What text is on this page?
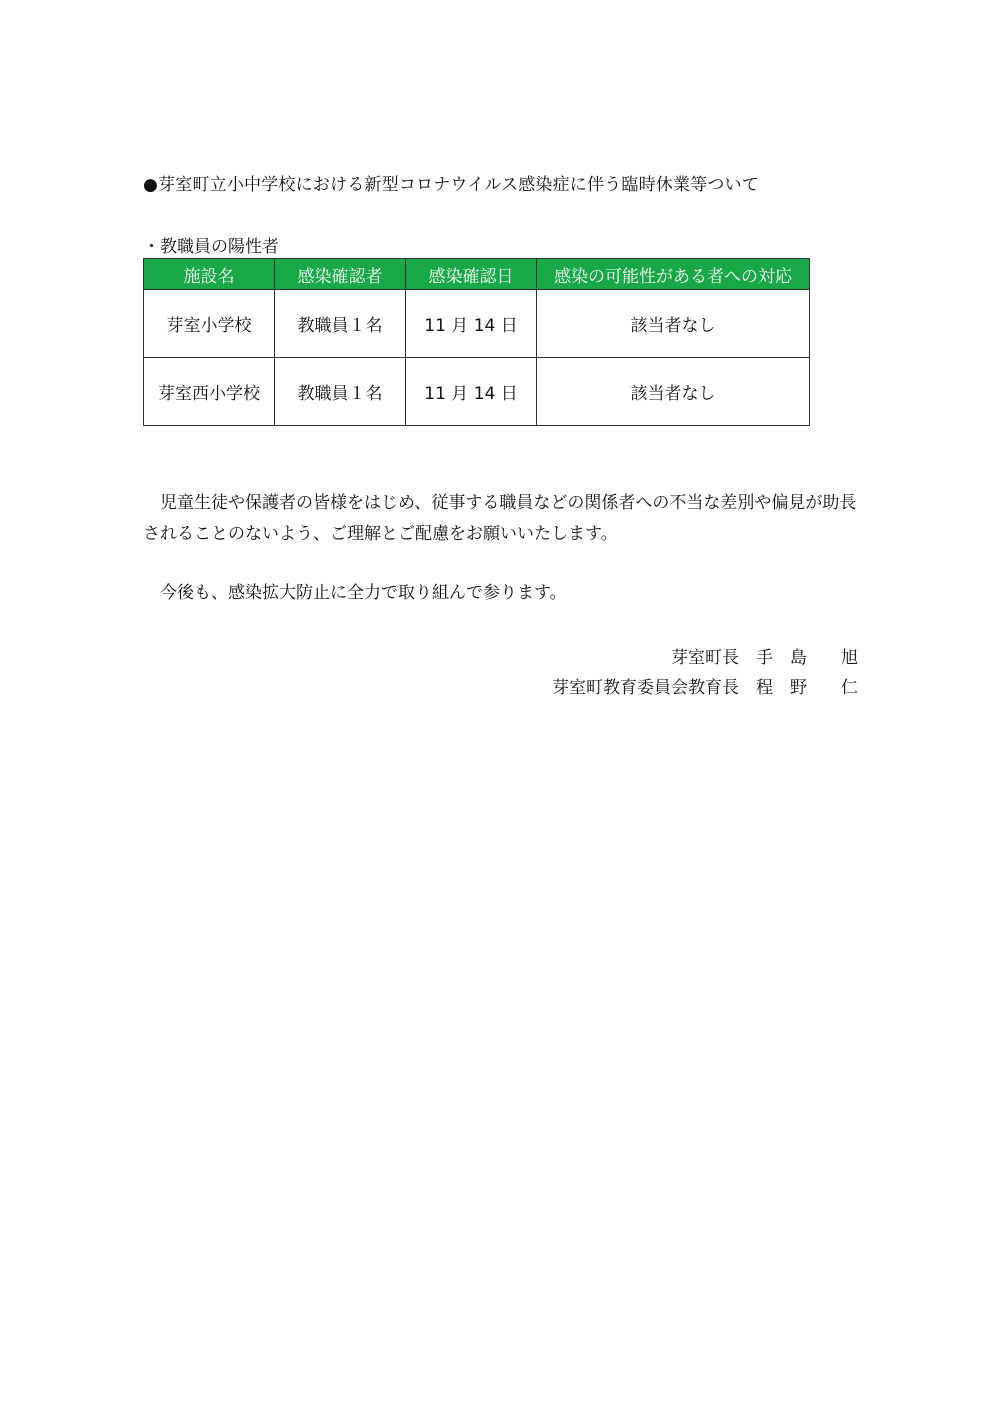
●芽室町立小中学校における新型コロナウイルス感染症に伴う臨時休業等ついて
・教職員の陽性者
施設名	感染確認者	感染確認日	感染の可能性がある者への対応
芽室小学校	教職員１名	11 月 14 日	該当者なし
芽室西小学校	教職員１名	11 月 14 日	該当者なし

児童生徒や保護者の皆様をはじめ、従事する職員などの関係者への不当な差別や偏見が助長されることのないよう、ご理解とご配慮をお願いいたします。

今後も、感染拡大防止に全力で取り組んで参ります。

芽室町長　手　島　　旭
芽室町教育委員会教育長　程　野　　仁
